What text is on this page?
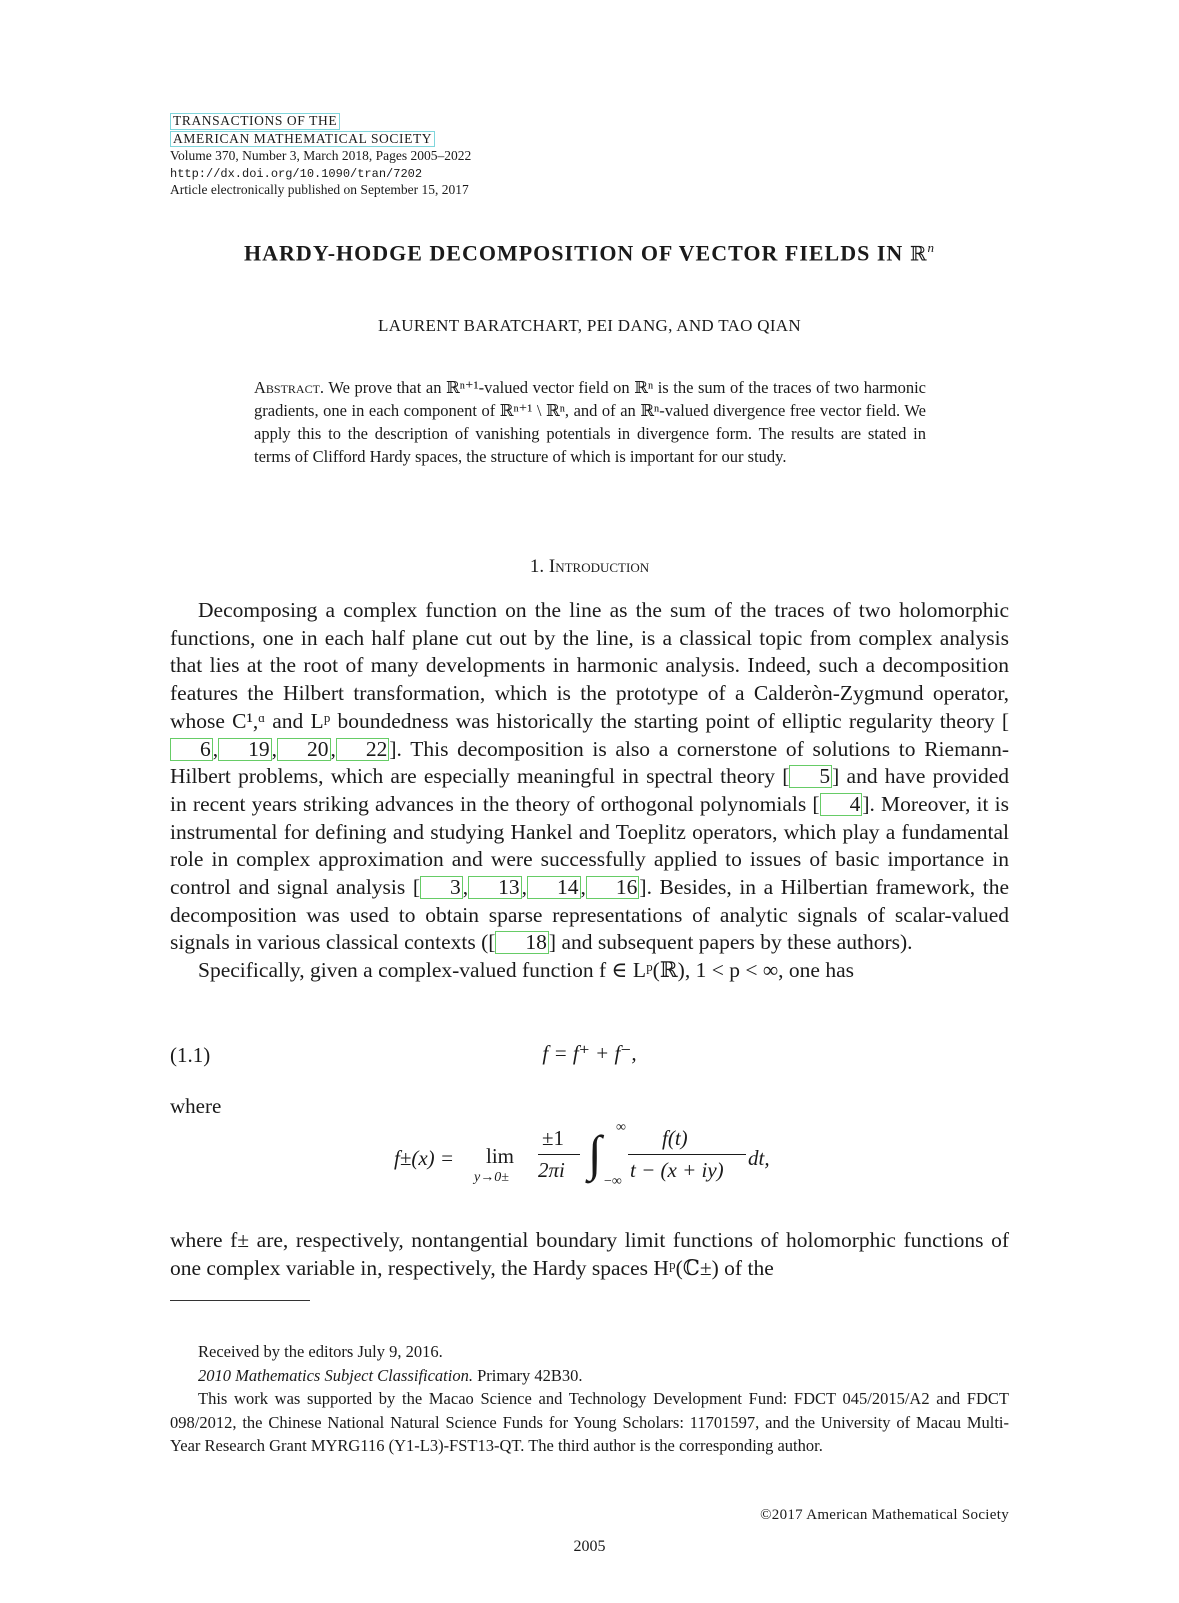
TRANSACTIONS OF THE
AMERICAN MATHEMATICAL SOCIETY
Volume 370, Number 3, March 2018, Pages 2005–2022
http://dx.doi.org/10.1090/tran/7202
Article electronically published on September 15, 2017
HARDY-HODGE DECOMPOSITION OF VECTOR FIELDS IN ℝ$^n$
LAURENT BARATCHART, PEI DANG, AND TAO QIAN
Abstract. We prove that an ℝⁿ⁺¹-valued vector field on ℝⁿ is the sum of the traces of two harmonic gradients, one in each component of ℝⁿ⁺¹ \ ℝⁿ, and of an ℝⁿ-valued divergence free vector field. We apply this to the description of vanishing potentials in divergence form. The results are stated in terms of Clifford Hardy spaces, the structure of which is important for our study.
1. Introduction

Decomposing a complex function on the line as the sum of the traces of two holomorphic functions, one in each half plane cut out by the line, is a classical topic from complex analysis that lies at the root of many developments in harmonic analysis. Indeed, such a decomposition features the Hilbert transformation, which is the prototype of a Calderòn-Zygmund operator, whose C¹,ᵅ and Lᵖ boundedness was historically the starting point of elliptic regularity theory [6, 19, 20, 22]. This decomposition is also a cornerstone of solutions to Riemann-Hilbert problems, which are especially meaningful in spectral theory [ 5] and have provided in recent years striking advances in the theory of orthogonal polynomials [ 4]. Moreover, it is instrumental for defining and studying Hankel and Toeplitz operators, which play a fundamental role in complex approximation and were successfully applied to issues of basic importance in control and signal analysis [ 3, 13, 14, 16]. Besides, in a Hilbertian framework, the decomposition was used to obtain sparse representations of analytic signals of scalar-valued signals in various classical contexts ([ 18] and subsequent papers by these authors).

Specifically, given a complex-valued function f ∈ Lᵖ(ℝ), 1 < p < ∞, one has

(1.1)	f = f⁺ + f⁻,
where
f±(x) = lim
y→0±
±1
2πi ∫ ∞
−∞
f(t)
t − (x + iy) dt,
where f± are, respectively, nontangential boundary limit functions of holomorphic functions of one complex variable in, respectively, the Hardy spaces Hᵖ(ℂ±) of the

Received by the editors July 9, 2016.

2010 Mathematics Subject Classification. Primary 42B30.

This work was supported by the Macao Science and Technology Development Fund: FDCT 045/2015/A2 and FDCT 098/2012, the Chinese National Natural Science Funds for Young Scholars: 11701597, and the University of Macau Multi-Year Research Grant MYRG116 (Y1-L3)-FST13-QT. The third author is the corresponding author.

©2017 American Mathematical Society
2005
